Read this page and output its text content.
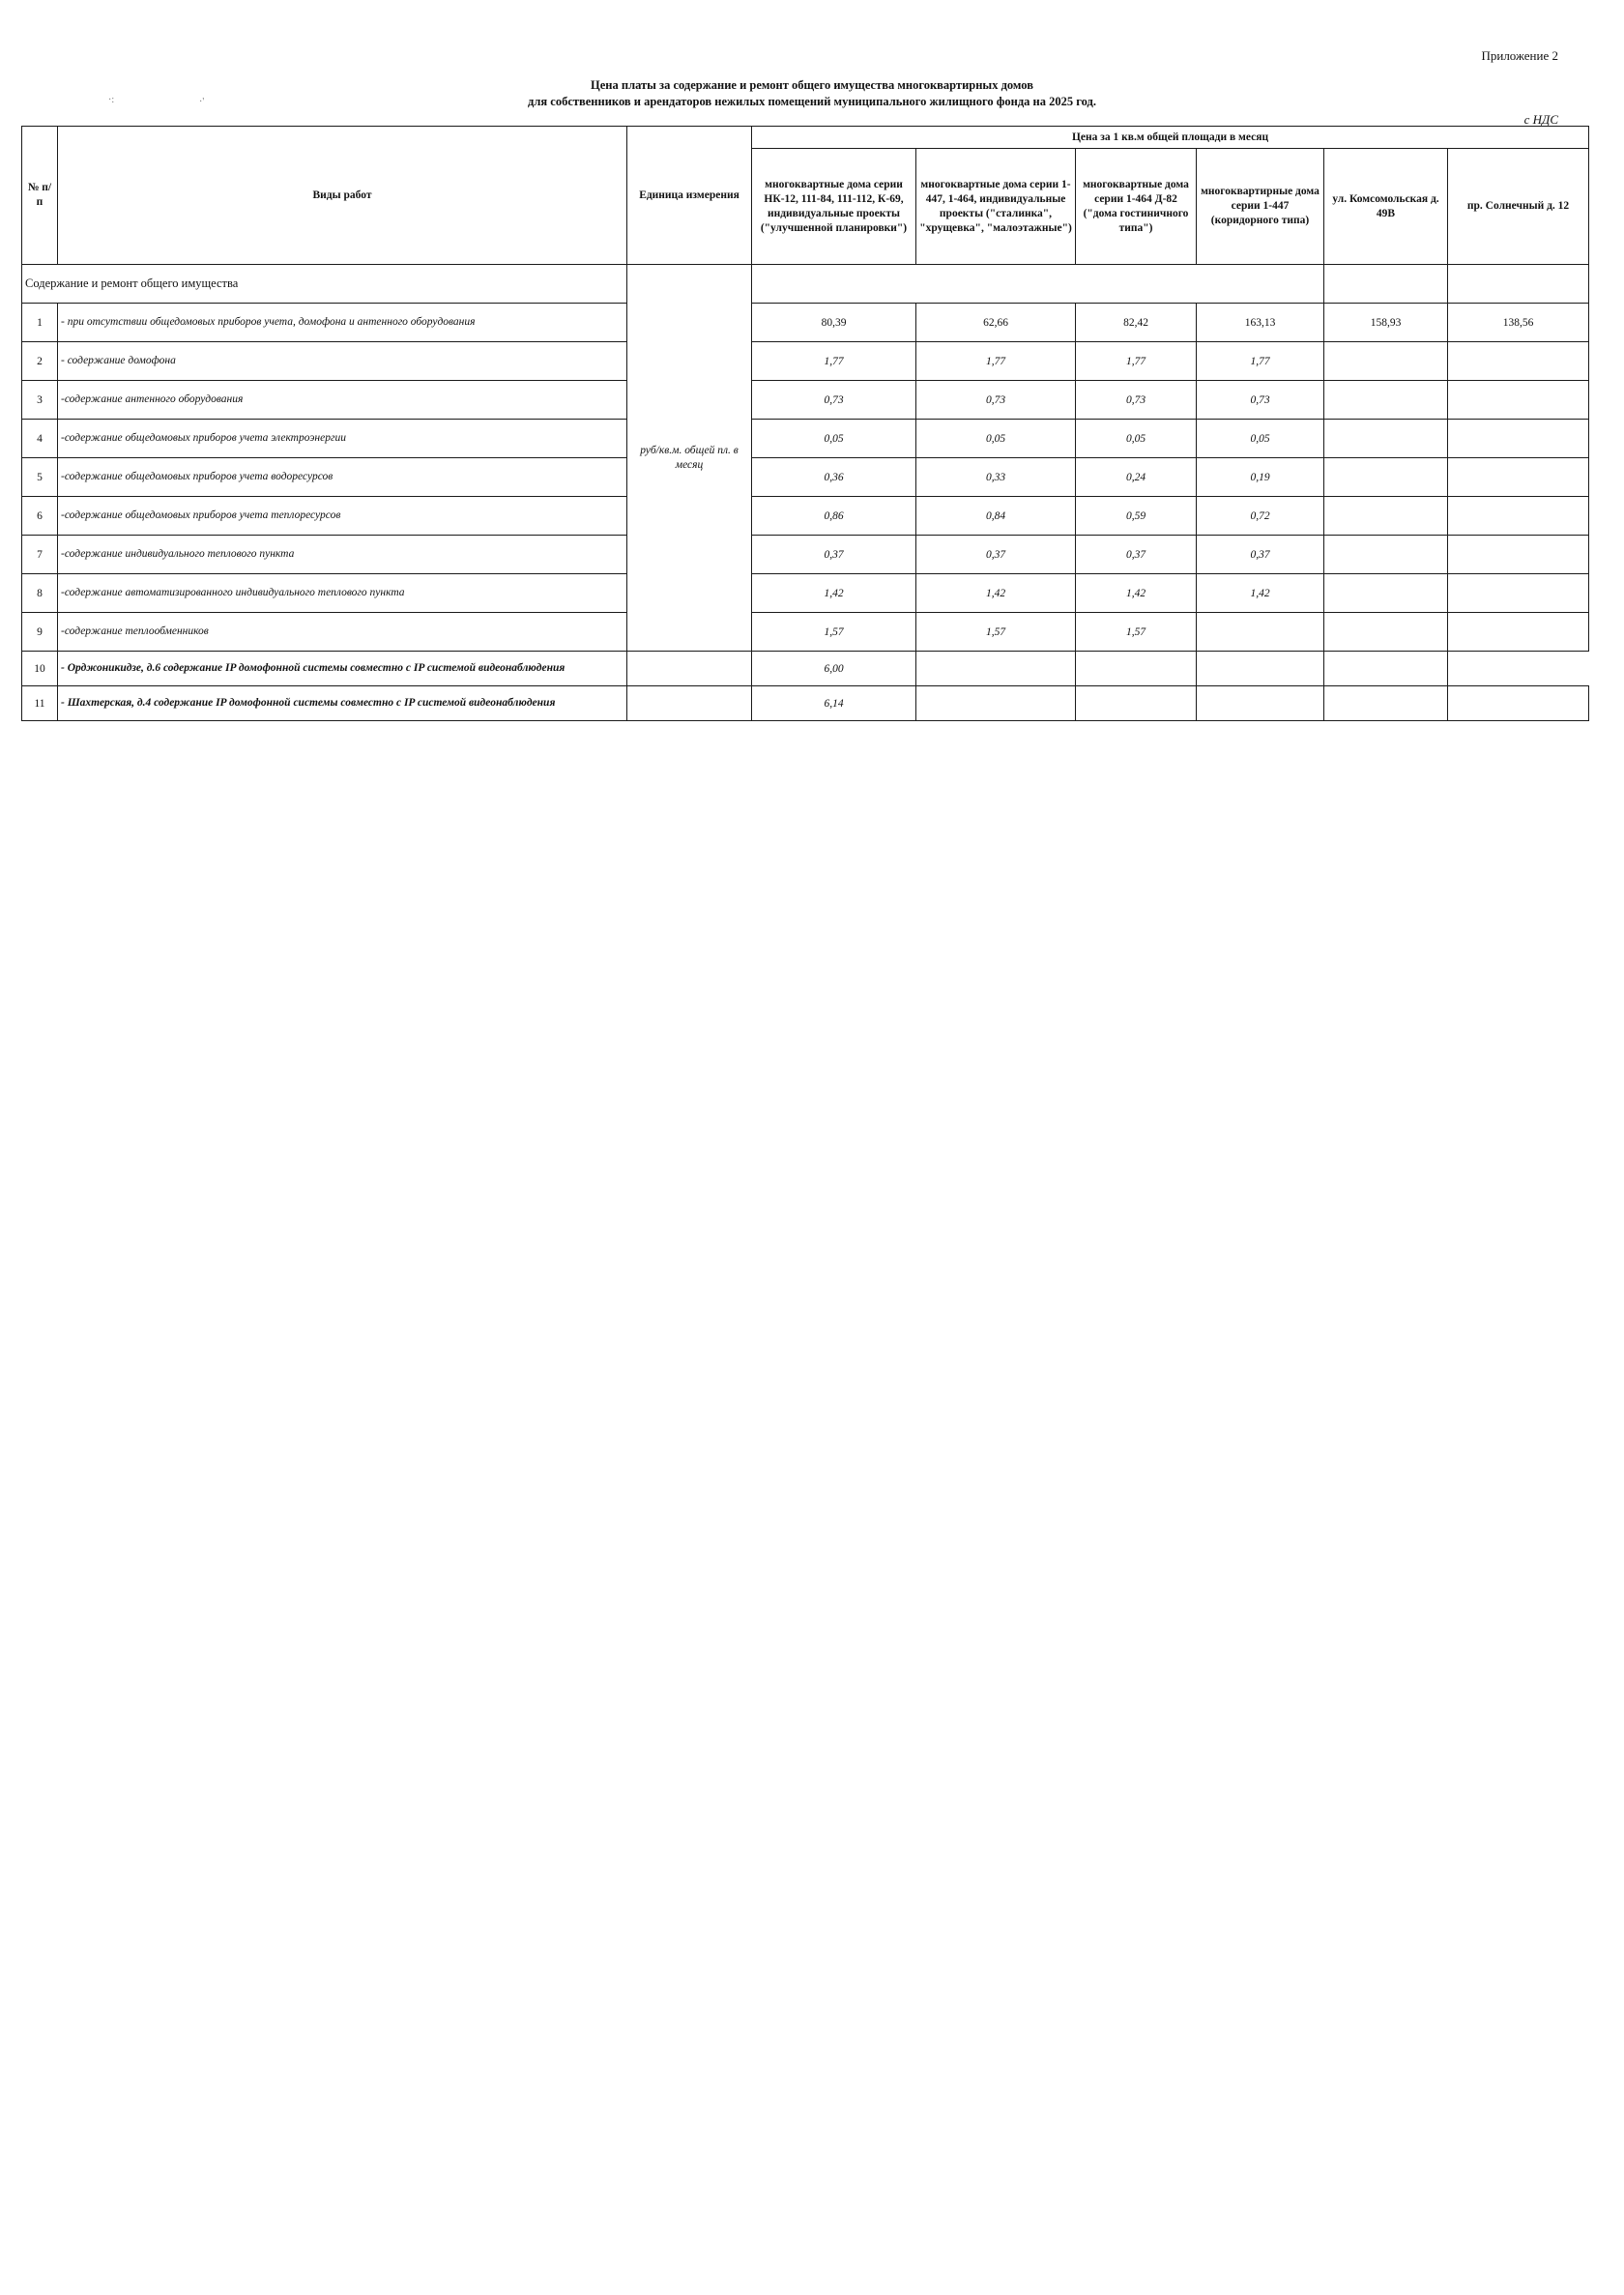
Приложение 2
Цена платы за содержание и ремонт общего имущества многоквартирных домов
для собственников и арендаторов нежилых помещений муниципального жилищного фонда на 2025 год.
·:	·'
с НДС
№ п/п	Виды работ	Единица измерения	Цена за 1 кв.м общей площади в месяц					
			многоквартные дома серии НК-12, 111-84, 111-112, К-69, индивидуальные проекты ("улучшенной планировки")	многоквартные дома серии 1-447, 1-464, индивидуальные проекты ("сталинка", "хрущевка", "малоэтажные")	многоквартные дома серии 1-464 Д-82 ("дома гостиничного типа")	многоквартирные дома серии 1-447 (коридорного типа)	ул. Комсомольская д. 49В	пр. Солнечный д. 12
Содержание и ремонт общего имущества		руб/кв.м. общей пл. в месяц						
1	- при отсутствии общедомовых приборов учета, домофона и антенного оборудования		80,39	62,66	82,42	163,13	158,93	138,56
2	- содержание домофона		1,77	1,77	1,77	1,77		
3	-содержание антенного оборудования		0,73	0,73	0,73	0,73		
4	-содержание общедомовых приборов учета электроэнергии		0,05	0,05	0,05	0,05		
5	-содержание общедомовых приборов учета водоресурсов		0,36	0,33	0,24	0,19		
6	-содержание общедомовых приборов учета теплоресурсов		0,86	0,84	0,59	0,72		
7	-содержание индивидуального теплового пункта		0,37	0,37	0,37	0,37		
8	-содержание автоматизированного индивидуального теплового пункта		1,42	1,42	1,42	1,42		
9	-содержание теплообменников		1,57	1,57	1,57			
10	- Орджоникидзе, д.6 содержание IP домофонной системы совместно с IP системой видеонаблюдения		6,00					
11	- Шахтерская, д.4 содержание IP домофонной системы совместно с IP системой видеонаблюдения		6,14					
